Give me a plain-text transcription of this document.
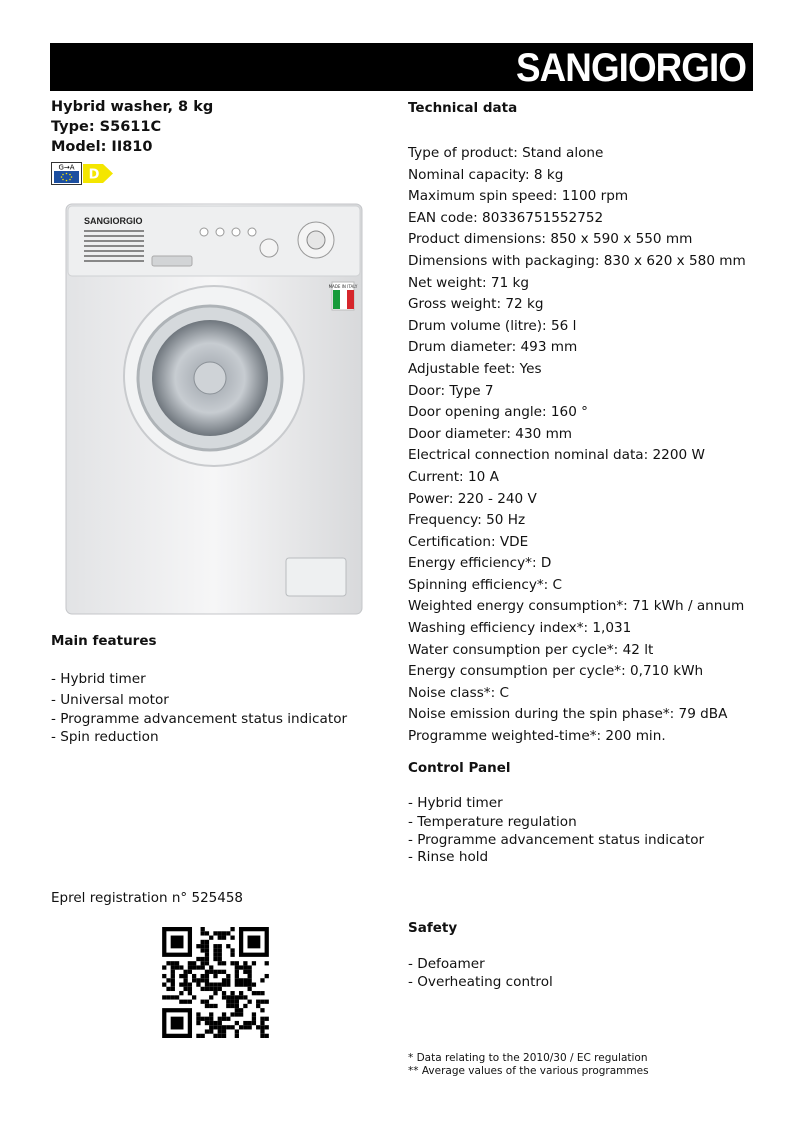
SANGIORGIO
Hybrid washer, 8 kg
Type: S5611C
Model: II810
G→A D
SANGIORGIO
MADE IN ITALY
Main features
- Hybrid timer
- Universal motor
- Programme advancement status indicator
- Spin reduction
Eprel registration n° 525458
Technical data
Type of product: Stand alone
Nominal capacity: 8 kg
Maximum spin speed: 1100 rpm
EAN code: 80336751552752
Product dimensions: 850 x 590 x 550 mm
Dimensions with packaging: 830 x 620 x 580 mm
Net weight: 71 kg
Gross weight: 72 kg
Drum volume (litre): 56 l
Drum diameter: 493 mm
Adjustable feet: Yes
Door: Type 7
Door opening angle: 160 °
Door diameter: 430 mm
Electrical connection nominal data: 2200 W
Current: 10 A
Power: 220 - 240 V
Frequency: 50 Hz
Certification: VDE
Energy efficiency*: D
Spinning efficiency*: C
Weighted energy consumption*: 71 kWh / annum
Washing efficiency index*: 1,031
Water consumption per cycle*: 42 lt
Energy consumption per cycle*: 0,710 kWh
Noise class*: C
Noise emission during the spin phase*: 79 dBA
Programme weighted-time*: 200 min.
Control Panel
- Hybrid timer
- Temperature regulation
- Programme advancement status indicator
- Rinse hold
Safety
- Defoamer
- Overheating control
* Data relating to the 2010/30 / EC regulation
** Average values of the various programmes
